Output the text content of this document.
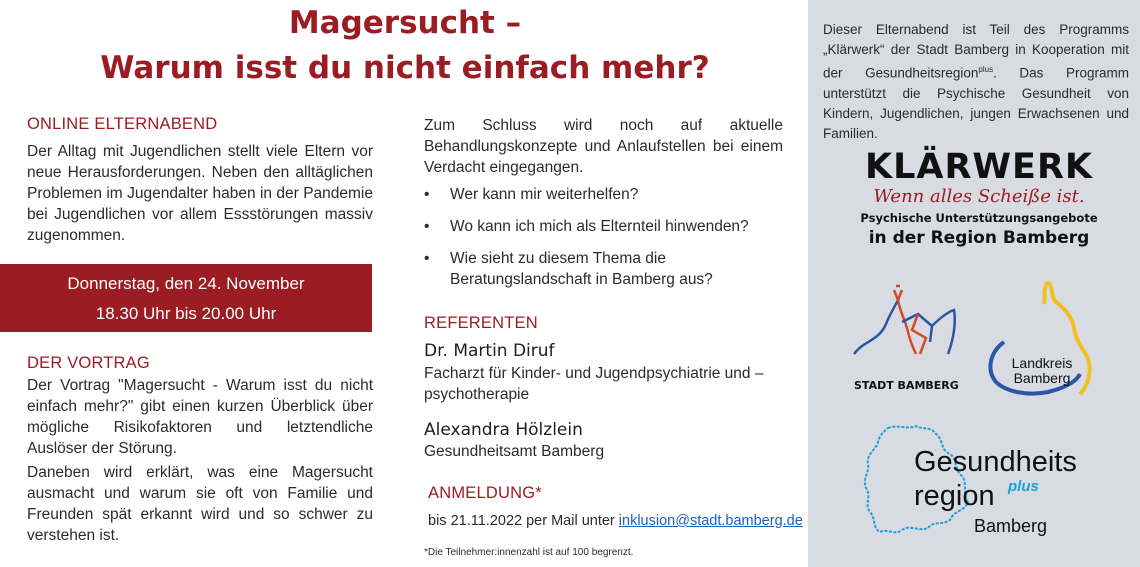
Magersucht –
Warum isst du nicht einfach mehr?
ONLINE ELTERNABEND
Der Alltag mit Jugendlichen stellt viele Eltern vor neue Herausforderungen. Neben den alltäglichen Problemen im Jugendalter haben in der Pandemie bei Jugendlichen vor allem Essstörungen massiv zugenommen.
Donnerstag, den 24. November
18.30 Uhr bis 20.00 Uhr
DER VORTRAG
Der Vortrag "Magersucht - Warum isst du nicht einfach mehr?" gibt einen kurzen Überblick über mögliche Risikofaktoren und letztendliche Auslöser der Störung.
Daneben wird erklärt, was eine Magersucht ausmacht und warum sie oft von Familie und Freunden spät erkannt wird und so schwer zu verstehen ist.
Zum Schluss wird noch auf aktuelle Behandlungskonzepte und Anlaufstellen bei einem Verdacht eingegangen.
• Wer kann mir weiterhelfen?
• Wo kann ich mich als Elternteil hinwenden?
• Wie sieht zu diesem Thema die Beratungslandschaft in Bamberg aus?
REFERENTEN
Dr. Martin Diruf
Facharzt für Kinder- und Jugendpsychiatrie und –psychotherapie
Alexandra Hölzlein
Gesundheitsamt Bamberg
ANMELDUNG*
bis 21.11.2022 per Mail unter inklusion@stadt.bamberg.de
*Die Teilnehmer:innenzahl ist auf 100 begrenzt.
Dieser Elternabend ist Teil des Programms „Klärwerk“ der Stadt Bamberg in Kooperation mit der Gesundheitsregion$^{plus}$. Das Programm unterstützt die Psychische Gesundheit von Kindern, Jugendlichen, jungen Erwachsenen und Familien.
KLÄRWERK
Wenn alles Scheiße ist.
Psychische Unterstützungsangebote
in der Region Bamberg
STADT BAMBERG
Landkreis
Bamberg
Gesundheits
region plus
Bamberg
